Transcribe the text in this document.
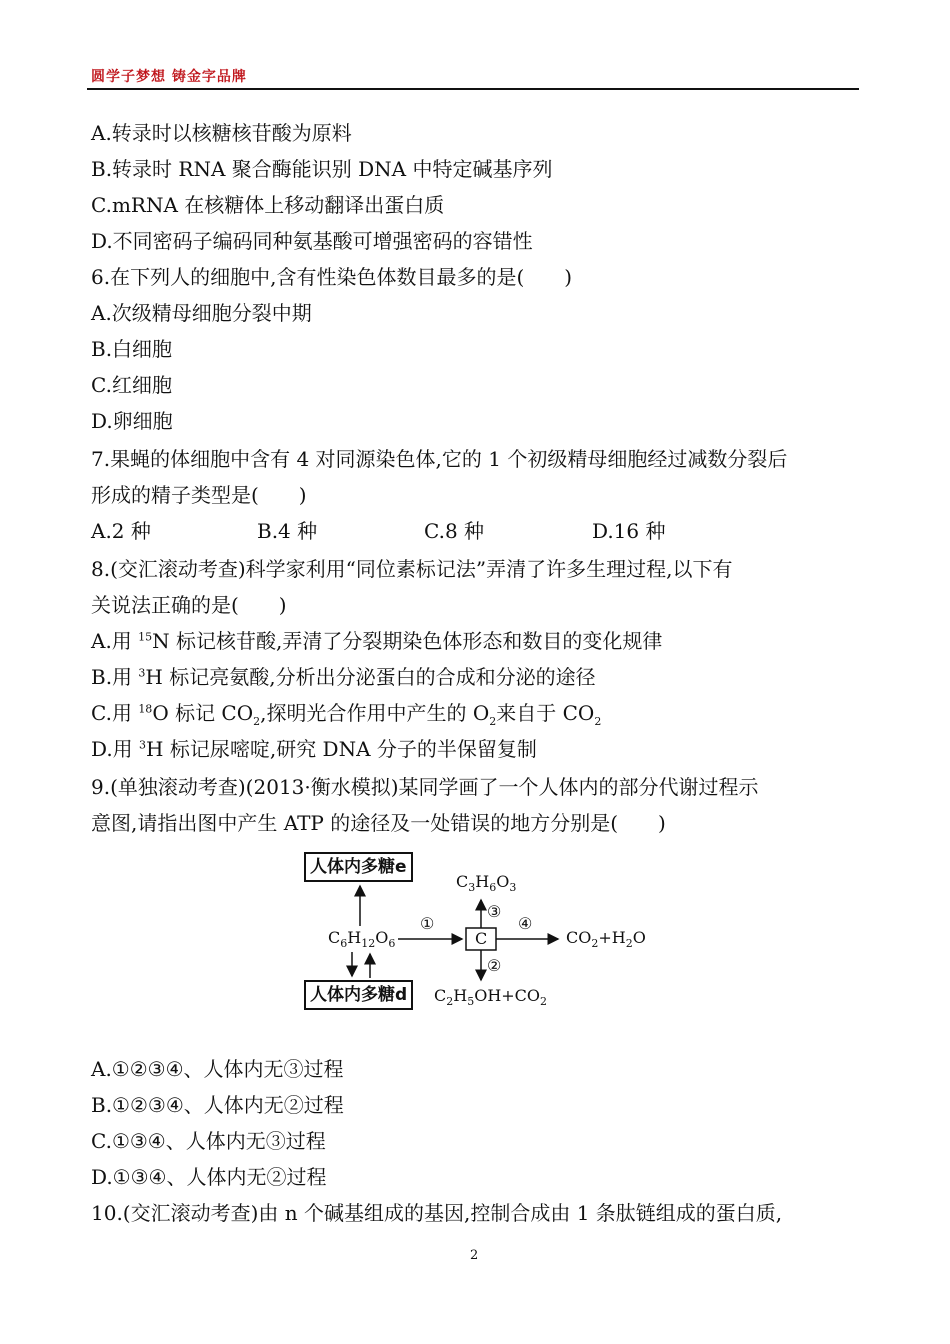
圆学子梦想 铸金字品牌
A.转录时以核糖核苷酸为原料
B.转录时 RNA 聚合酶能识别 DNA 中特定碱基序列
C.mRNA 在核糖体上移动翻译出蛋白质
D.不同密码子编码同种氨基酸可增强密码的容错性
6.在下列人的细胞中,含有性染色体数目最多的是(　　)
A.次级精母细胞分裂中期
B.白细胞
C.红细胞
D.卵细胞
7.果蝇的体细胞中含有 4 对同源染色体,它的 1 个初级精母细胞经过减数分裂后
形成的精子类型是(　　)
A.2 种	B.4 种	C.8 种	D.16 种
8.(交汇滚动考查)科学家利用“同位素标记法”弄清了许多生理过程,以下有
关说法正确的是(　　)
A.用 $^{15}$N 标记核苷酸,弄清了分裂期染色体形态和数目的变化规律
B.用 $^3$H 标记亮氨酸,分析出分泌蛋白的合成和分泌的途径
C.用 $^{18}$O 标记 $CO_2$,探明光合作用中产生的 $O_2$来自于 $CO_2$
D.用 $^3$H 标记尿嘧啶,研究 DNA 分子的半保留复制
9.(单独滚动考查)(2013·衡水模拟)某同学画了一个人体内的部分代谢过程示
意图,请指出图中产生 ATP 的途径及一处错误的地方分别是(　　)
人体内多糖e
人体内多糖d
$C_6H_{12}O_6$	C
$C_3H_6O_3$
$CO_2+H_2O$
$C_2H_5OH+CO_2$
①
②
③
④
A.①②③④、人体内无③过程
B.①②③④、人体内无②过程
C.①③④、人体内无③过程
D.①③④、人体内无②过程
10.(交汇滚动考查)由 n 个碱基组成的基因,控制合成由 1 条肽链组成的蛋白质,
2
